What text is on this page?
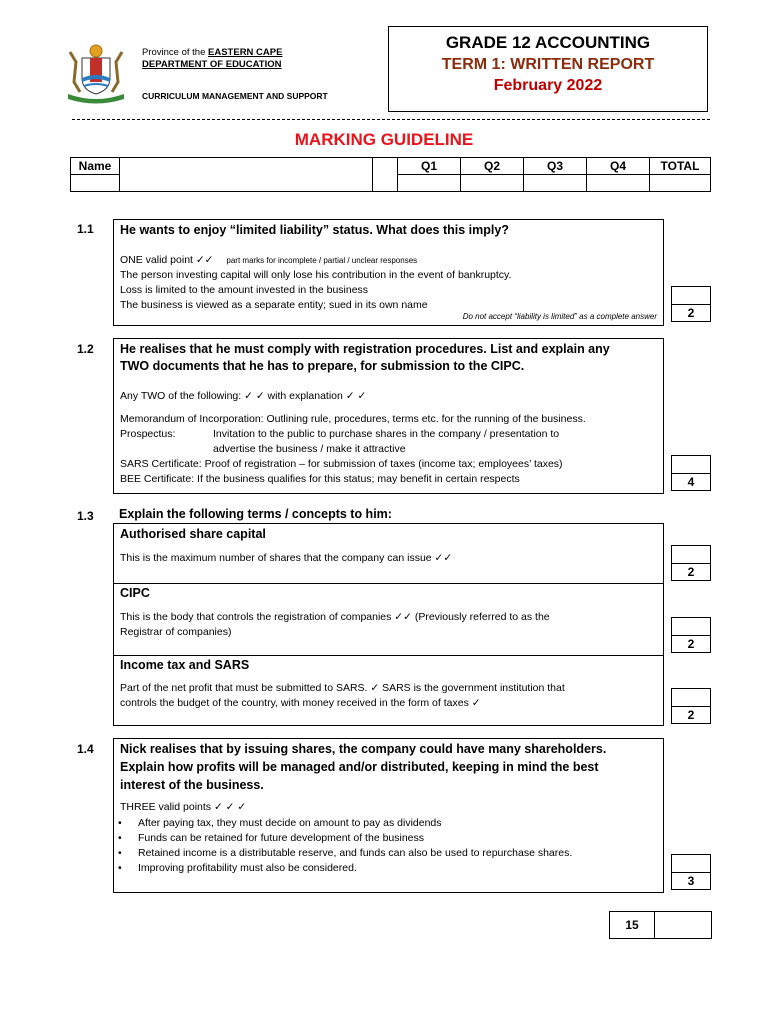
Province of the EASTERN CAPE
DEPARTMENT OF EDUCATION
CURRICULUM MANAGEMENT AND SUPPORT
GRADE 12 ACCOUNTING
TERM 1: WRITTEN REPORT
February 2022
MARKING GUIDELINE
Name			Q1	Q2	Q3	Q4	TOTAL

1.1 He wants to enjoy “limited liability” status. What does this imply?
ONE valid point ✓✓ part marks for incomplete / partial / unclear responses
The person investing capital will only lose his contribution in the event of bankruptcy.
Loss is limited to the amount invested in the business
The business is viewed as a separate entity; sued in its own name
Do not accept “liability is limited” as a complete answer	2
1.2 He realises that he must comply with registration procedures. List and explain any
TWO documents that he has to prepare, for submission to the CIPC.
Any TWO of the following: ✓ ✓ with explanation ✓ ✓
Memorandum of Incorporation: Outlining rule, procedures, terms etc. for the running of the business.
Prospectus:	Invitation to the public to purchase shares in the company / presentation to
advertise the business / make it attractive
SARS Certificate: Proof of registration – for submission of taxes (income tax; employees’ taxes)
BEE Certificate: If the business qualifies for this status; may benefit in certain respects	4
1.3 Explain the following terms / concepts to him:
Authorised share capital
This is the maximum number of shares that the company can issue ✓✓
CIPC
This is the body that controls the registration of companies ✓✓ (Previously referred to as the
Registrar of companies)
Income tax and SARS
Part of the net profit that must be submitted to SARS. ✓ SARS is the government institution that
controls the budget of the country, with money received in the form of taxes ✓
2
2
2
1.4 Nick realises that by issuing shares, the company could have many shareholders.
Explain how profits will be managed and/or distributed, keeping in mind the best
interest of the business.
THREE valid points ✓ ✓ ✓
• After paying tax, they must decide on amount to pay as dividends
• Funds can be retained for future development of the business
• Retained income is a distributable reserve, and funds can also be used to repurchase shares.
• Improving profitability must also be considered.
3
15	
